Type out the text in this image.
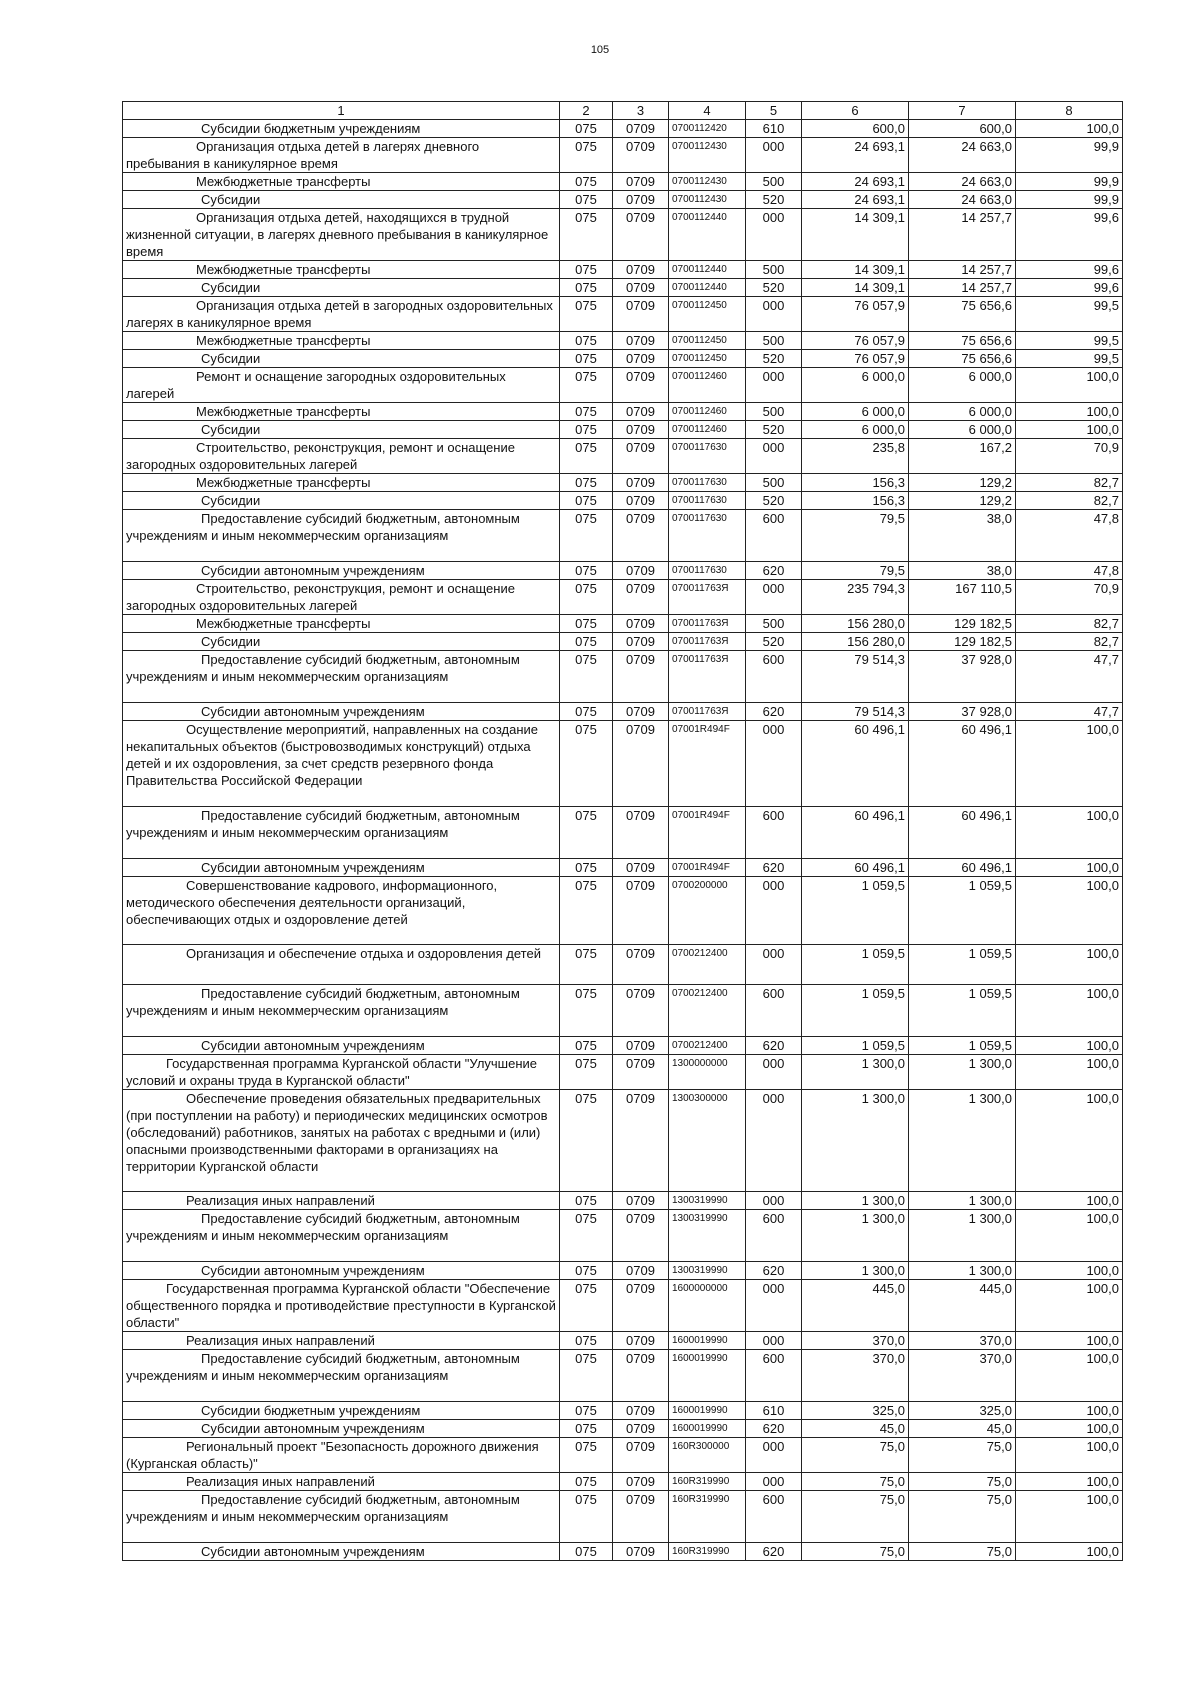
105
1	2	3	4	5	6	7	8

Субсидии бюджетным учреждениям	075	0709	0700112420	610	600,0	600,0	100,0

Организация отдыха детей в лагерях дневного пребывания в каникулярное время	075	0709	0700112430	000	24 693,1	24 663,0	99,9

Межбюджетные трансферты	075	0709	0700112430	500	24 693,1	24 663,0	99,9

Субсидии	075	0709	0700112430	520	24 693,1	24 663,0	99,9

Организация отдыха детей, находящихся в трудной жизненной ситуации, в лагерях дневного пребывания в каникулярное время	075	0709	0700112440	000	14 309,1	14 257,7	99,6

Межбюджетные трансферты	075	0709	0700112440	500	14 309,1	14 257,7	99,6

Субсидии	075	0709	0700112440	520	14 309,1	14 257,7	99,6

Организация отдыха детей в загородных оздоровительных лагерях в каникулярное время	075	0709	0700112450	000	76 057,9	75 656,6	99,5

Межбюджетные трансферты	075	0709	0700112450	500	76 057,9	75 656,6	99,5

Субсидии	075	0709	0700112450	520	76 057,9	75 656,6	99,5

Ремонт и оснащение загородных оздоровительных лагерей	075	0709	0700112460	000	6 000,0	6 000,0	100,0

Межбюджетные трансферты	075	0709	0700112460	500	6 000,0	6 000,0	100,0

Субсидии	075	0709	0700112460	520	6 000,0	6 000,0	100,0

Строительство, реконструкция, ремонт и оснащение загородных оздоровительных лагерей	075	0709	0700117630	000	235,8	167,2	70,9

Межбюджетные трансферты	075	0709	0700117630	500	156,3	129,2	82,7

Субсидии	075	0709	0700117630	520	156,3	129,2	82,7

Предоставление субсидий бюджетным, автономным учреждениям и иным некоммерческим организациям	075	0709	0700117630	600	79,5	38,0	47,8

Субсидии автономным учреждениям	075	0709	0700117630	620	79,5	38,0	47,8

Строительство, реконструкция, ремонт и оснащение загородных оздоровительных лагерей	075	0709	070011763Я	000	235 794,3	167 110,5	70,9

Межбюджетные трансферты	075	0709	070011763Я	500	156 280,0	129 182,5	82,7

Субсидии	075	0709	070011763Я	520	156 280,0	129 182,5	82,7

Предоставление субсидий бюджетным, автономным учреждениям и иным некоммерческим организациям	075	0709	070011763Я	600	79 514,3	37 928,0	47,7

Субсидии автономным учреждениям	075	0709	070011763Я	620	79 514,3	37 928,0	47,7

Осуществление мероприятий, направленных на создание некапитальных объектов (быстровозводимых конструкций) отдыха детей и их оздоровления, за счет средств резервного фонда Правительства Российской Федерации	075	0709	07001R494F	000	60 496,1	60 496,1	100,0

Предоставление субсидий бюджетным, автономным учреждениям и иным некоммерческим организациям	075	0709	07001R494F	600	60 496,1	60 496,1	100,0

Субсидии автономным учреждениям	075	0709	07001R494F	620	60 496,1	60 496,1	100,0

Совершенствование кадрового, информационного, методического обеспечения деятельности организаций, обеспечивающих отдых и оздоровление детей	075	0709	0700200000	000	1 059,5	1 059,5	100,0

Организация и обеспечение отдыха и оздоровления детей	075	0709	0700212400	000	1 059,5	1 059,5	100,0

Предоставление субсидий бюджетным, автономным учреждениям и иным некоммерческим организациям	075	0709	0700212400	600	1 059,5	1 059,5	100,0

Субсидии автономным учреждениям	075	0709	0700212400	620	1 059,5	1 059,5	100,0

Государственная программа Курганской области "Улучшение условий и охраны труда в Курганской области"	075	0709	1300000000	000	1 300,0	1 300,0	100,0

Обеспечение проведения обязательных предварительных (при поступлении на работу) и периодических медицинских осмотров (обследований) работников, занятых на работах с вредными и (или) опасными производственными факторами в организациях на территории Курганской области	075	0709	1300300000	000	1 300,0	1 300,0	100,0

Реализация иных направлений	075	0709	1300319990	000	1 300,0	1 300,0	100,0

Предоставление субсидий бюджетным, автономным учреждениям и иным некоммерческим организациям	075	0709	1300319990	600	1 300,0	1 300,0	100,0

Субсидии автономным учреждениям	075	0709	1300319990	620	1 300,0	1 300,0	100,0

Государственная программа Курганской области "Обеспечение общественного порядка и противодействие преступности в Курганской области"	075	0709	1600000000	000	445,0	445,0	100,0

Реализация иных направлений	075	0709	1600019990	000	370,0	370,0	100,0

Предоставление субсидий бюджетным, автономным учреждениям и иным некоммерческим организациям	075	0709	1600019990	600	370,0	370,0	100,0

Субсидии бюджетным учреждениям	075	0709	1600019990	610	325,0	325,0	100,0

Субсидии автономным учреждениям	075	0709	1600019990	620	45,0	45,0	100,0

Региональный проект "Безопасность дорожного движения (Курганская область)"	075	0709	160R300000	000	75,0	75,0	100,0

Реализация иных направлений	075	0709	160R319990	000	75,0	75,0	100,0

Предоставление субсидий бюджетным, автономным учреждениям и иным некоммерческим организациям	075	0709	160R319990	600	75,0	75,0	100,0

Субсидии автономным учреждениям	075	0709	160R319990	620	75,0	75,0	100,0
